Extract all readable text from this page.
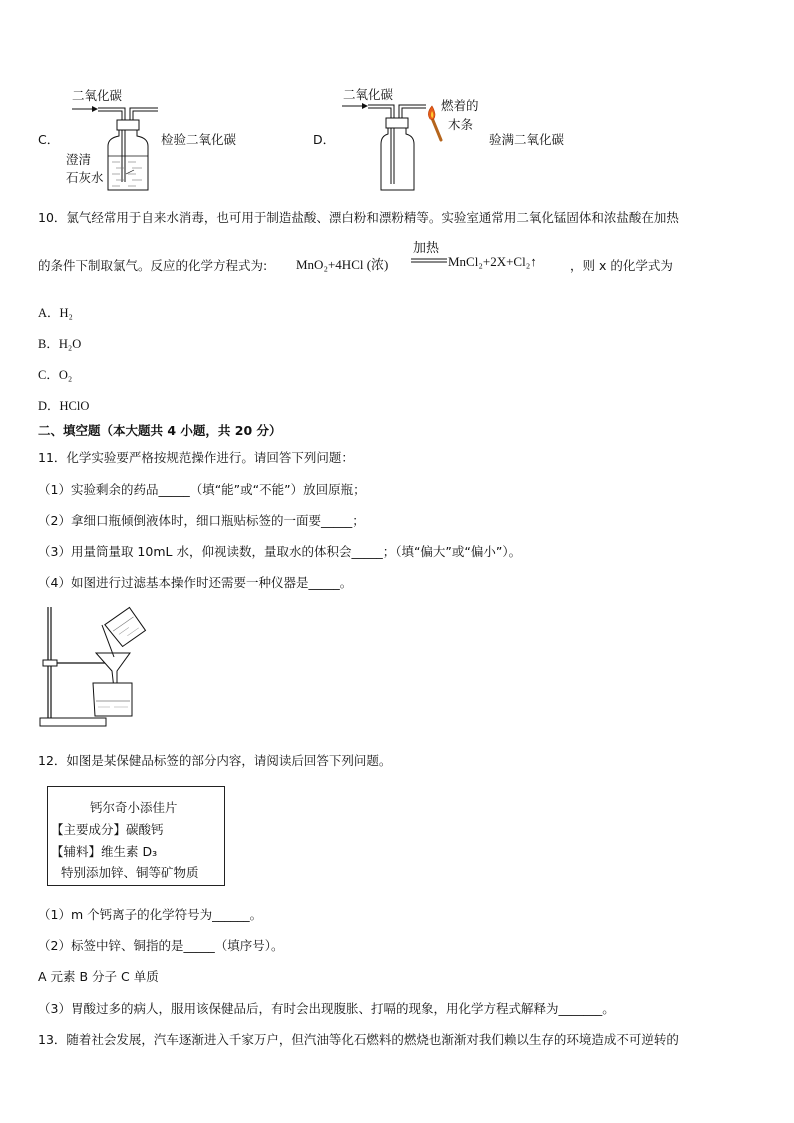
C．
二氧化碳
检验二氧化碳
澄清
石灰水
D．
二氧化碳
燃着的
木条
验满二氧化碳
10．氯气经常用于自来水消毒，也可用于制造盐酸、漂白粉和漂粉精等。实验室通常用二氧化锰固体和浓盐酸在加热
的条件下制取氯气。反应的化学方程式为: MnO₂+4HCl (浓)
加热
MnCl₂+2X+Cl₂↑	，则 x 的化学式为
A．H₂
B．H₂O
C．O₂
D．HClO
二、填空题（本大题共 4 小题，共 20 分）
11．化学实验要严格按规范操作进行。请回答下列问题：
（1）实验剩余的药品_____（填“能”或“不能”）放回原瓶；
（2）拿细口瓶倾倒液体时，细口瓶贴标签的一面要_____；
（3）用量筒量取 10mL 水，仰视读数，量取水的体积会_____；（填“偏大”或“偏小”）。
（4）如图进行过滤基本操作时还需要一种仪器是_____。
12．如图是某保健品标签的部分内容，请阅读后回答下列问题。
钙尔奇小添佳片
【主要成分】碳酸钙
【辅料】维生素 D₃
特别添加锌、铜等矿物质
（1）m 个钙离子的化学符号为______。
（2）标签中锌、铜指的是_____（填序号）。
A 元素 B 分子 C 单质
（3）胃酸过多的病人，服用该保健品后，有时会出现腹胀、打嗝的现象，用化学方程式解释为_______。
13．随着社会发展，汽车逐渐进入千家万户，但汽油等化石燃料的燃烧也渐渐对我们赖以生存的环境造成不可逆转的
